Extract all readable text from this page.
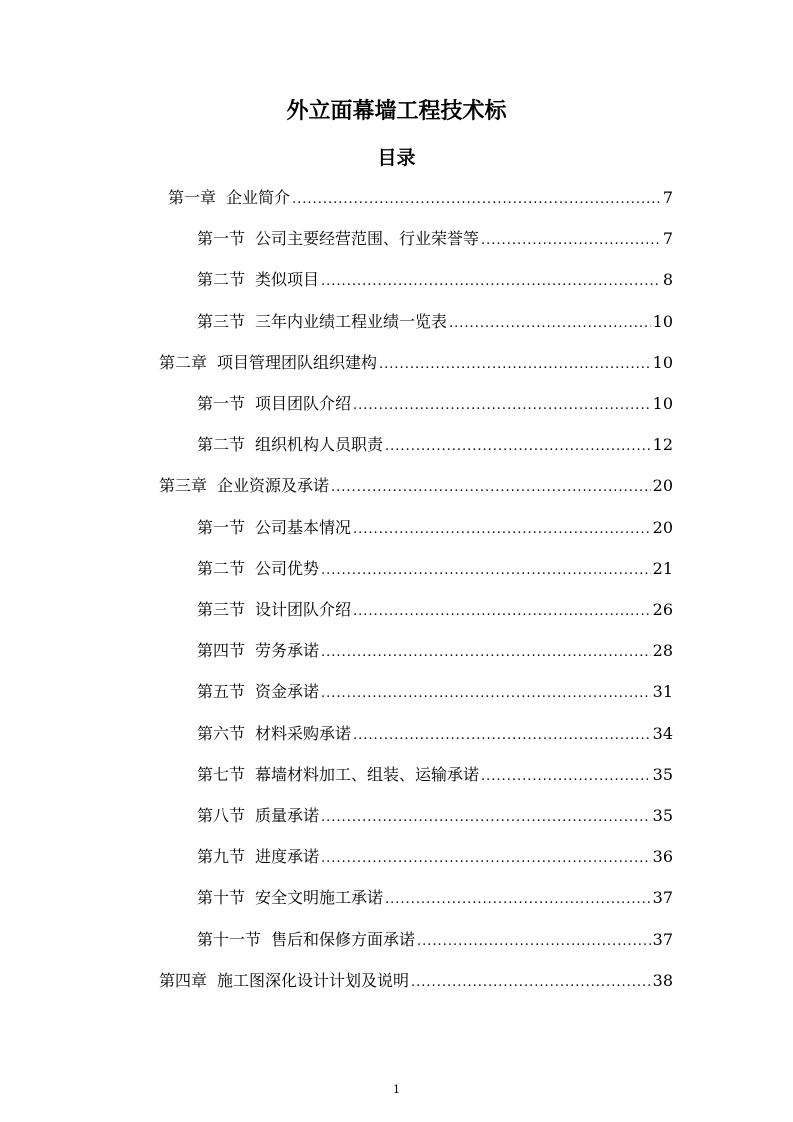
外立面幕墙工程技术标
目录
第一章 企业简介 .....	7
第一节 公司主要经营范围、行业荣誉等 .....	7
第二节 类似项目 .....	8
第三节 三年内业绩工程业绩一览表 .....	10
第二章 项目管理团队组织建构 .....	10
第一节 项目团队介绍 .....	10
第二节 组织机构人员职责 .....	12
第三章 企业资源及承诺 .....	20
第一节 公司基本情况 .....	20
第二节 公司优势 .....	21
第三节 设计团队介绍 .....	26
第四节 劳务承诺 .....	28
第五节 资金承诺 .....	31
第六节 材料采购承诺 .....	34
第七节 幕墙材料加工、组装、运输承诺 .....	35
第八节 质量承诺 .....	35
第九节 进度承诺 .....	36
第十节 安全文明施工承诺 .....	37
第十一节 售后和保修方面承诺 .....	37
第四章 施工图深化设计计划及说明 .....	38
1
